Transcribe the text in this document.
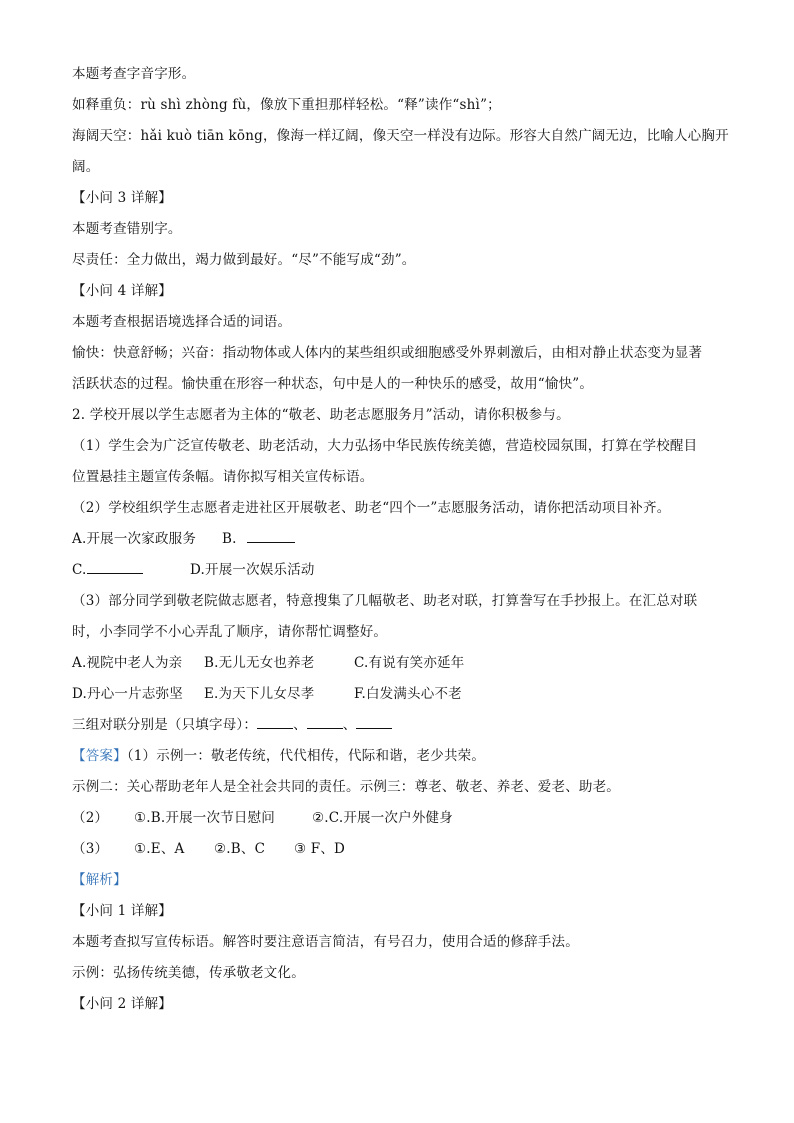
本题考查字音字形。
如释重负：rù shì zhòng fù，像放下重担那样轻松。“释”读作“shì”；
海阔天空：hǎi kuò tiān kōng，像海一样辽阔，像天空一样没有边际。形容大自然广阔无边，比喻人心胸开
阔。
【小问 3 详解】
本题考查错别字。
尽责任：全力做出，竭力做到最好。“尽”不能写成“劲”。
【小问 4 详解】
本题考查根据语境选择合适的词语。
愉快：快意舒畅；兴奋：指动物体或人体内的某些组织或细胞感受外界刺激后，由相对静止状态变为显著
活跃状态的过程。愉快重在形容一种状态，句中是人的一种快乐的感受，故用“愉快”。
2. 学校开展以学生志愿者为主体的“敬老、助老志愿服务月”活动，请你积极参与。
（1）学生会为广泛宣传敬老、助老活动，大力弘扬中华民族传统美德，营造校园氛围，打算在学校醒目
位置悬挂主题宣传条幅。请你拟写相关宣传标语。
（2）学校组织学生志愿者走进社区开展敬老、助老“四个一”志愿服务活动，请你把活动项目补齐。
A.开展一次家政服务 B.
C.	D.开展一次娱乐活动
（3）部分同学到敬老院做志愿者，特意搜集了几幅敬老、助老对联，打算誊写在手抄报上。在汇总对联
时，小李同学不小心弄乱了顺序，请你帮忙调整好。
A.视院中老人为亲 B.无儿无女也养老	C.有说有笑亦延年
D.丹心一片志弥坚 E.为天下儿女尽孝	F.白发满头心不老
三组对联分别是（只填字母）：	、	、
【答案】（1）示例一：敬老传统，代代相传，代际和谐，老少共荣。
示例二：关心帮助老年人是全社会共同的责任。示例三：尊老、敬老、养老、爱老、助老。
（2） ①.B.开展一次节日慰问	②.C.开展一次户外健身
（3） ①.E、A ②.B、C ③ F、D
【解析】
【小问 1 详解】
本题考查拟写宣传标语。解答时要注意语言简洁，有号召力，使用合适的修辞手法。
示例：弘扬传统美德，传承敬老文化。
【小问 2 详解】
